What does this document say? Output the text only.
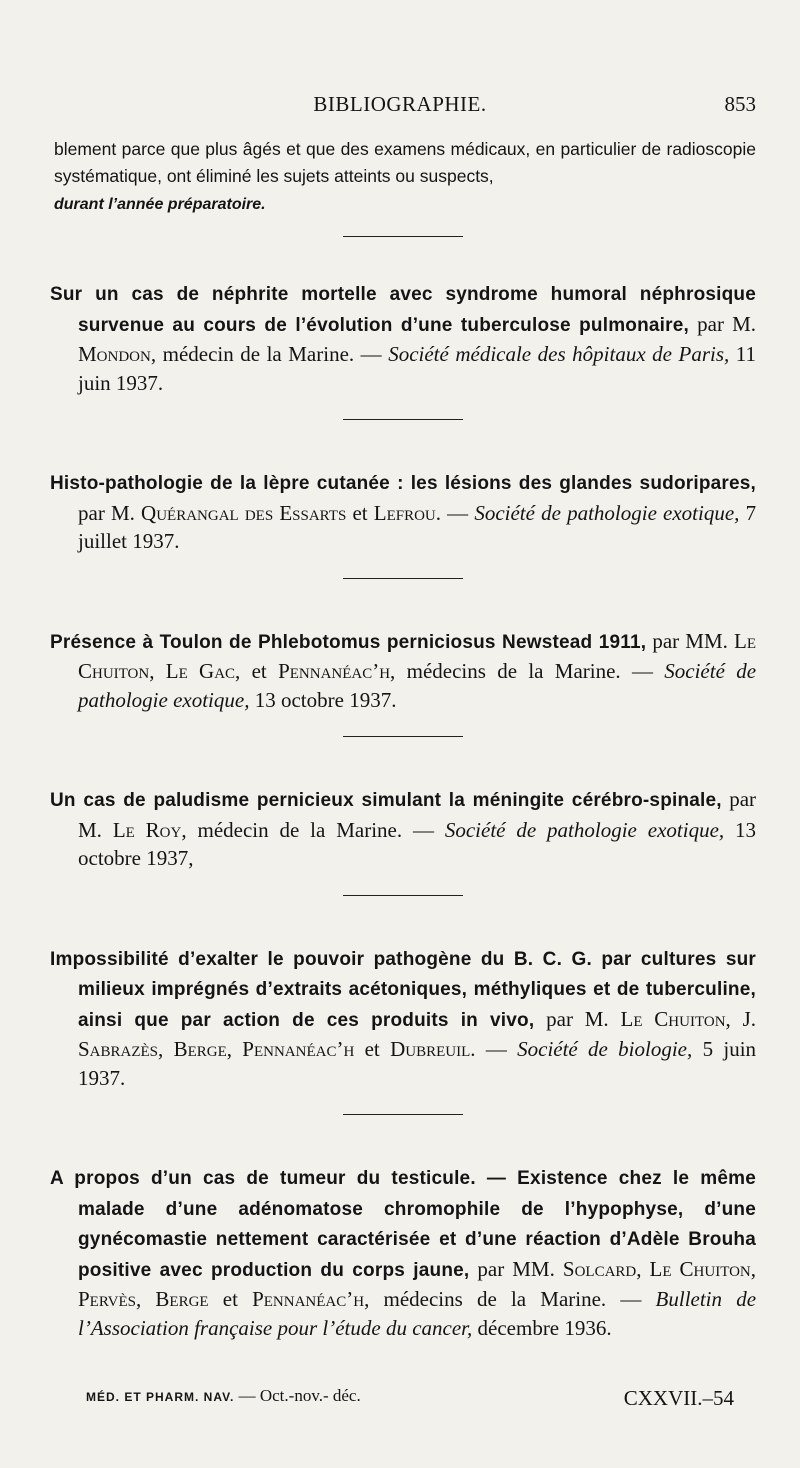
BIBLIOGRAPHIE.	853

blement parce que plus âgés et que des examens médicaux, en particulier de radioscopie systématique, ont éliminé les sujets atteints ou suspects,
durant l’année préparatoire.

Sur un cas de néphrite mortelle avec syndrome humoral néphrosique survenue au cours de l’évolution d’une tuberculose pulmonaire, par M. Mondon, médecin de la Marine. — Société médicale des hôpitaux de Paris, 11 juin 1937.

Histo-pathologie de la lèpre cutanée : les lésions des glandes sudoripares, par M. Quérangal des Essarts et Lefrou. — Société de pathologie exotique, 7 juillet 1937.

Présence à Toulon de Phlebotomus perniciosus Newstead 1911, par MM. Le Chuiton, Le Gac, et Pennanéac’h, médecins de la Marine. — Société de pathologie exotique, 13 octobre 1937.

Un cas de paludisme pernicieux simulant la méningite cérébro-spinale, par M. Le Roy, médecin de la Marine. — Société de pathologie exotique, 13 octobre 1937,

Impossibilité d’exalter le pouvoir pathogène du B. C. G. par cultures sur milieux imprégnés d’extraits acétoniques, méthyliques et de tuberculine, ainsi que par action de ces produits in vivo, par M. Le Chuiton, J. Sabrazès, Berge, Pennanéac’h et Dubreuil. — Société de biologie, 5 juin 1937.

A propos d’un cas de tumeur du testicule. — Existence chez le même malade d’une adénomatose chromophile de l’hypophyse, d’une gynécomastie nettement caractérisée et d’une réaction d’Adèle Brouha positive avec production du corps jaune, par MM. Solcard, Le Chuiton, Pervès, Berge et Pennanéac’h, médecins de la Marine. — Bulletin de l’Association française pour l’étude du cancer, décembre 1936.

MÉD. ET PHARM. NAV. — Oct.-nov.- déc.	CXXVII.–54
